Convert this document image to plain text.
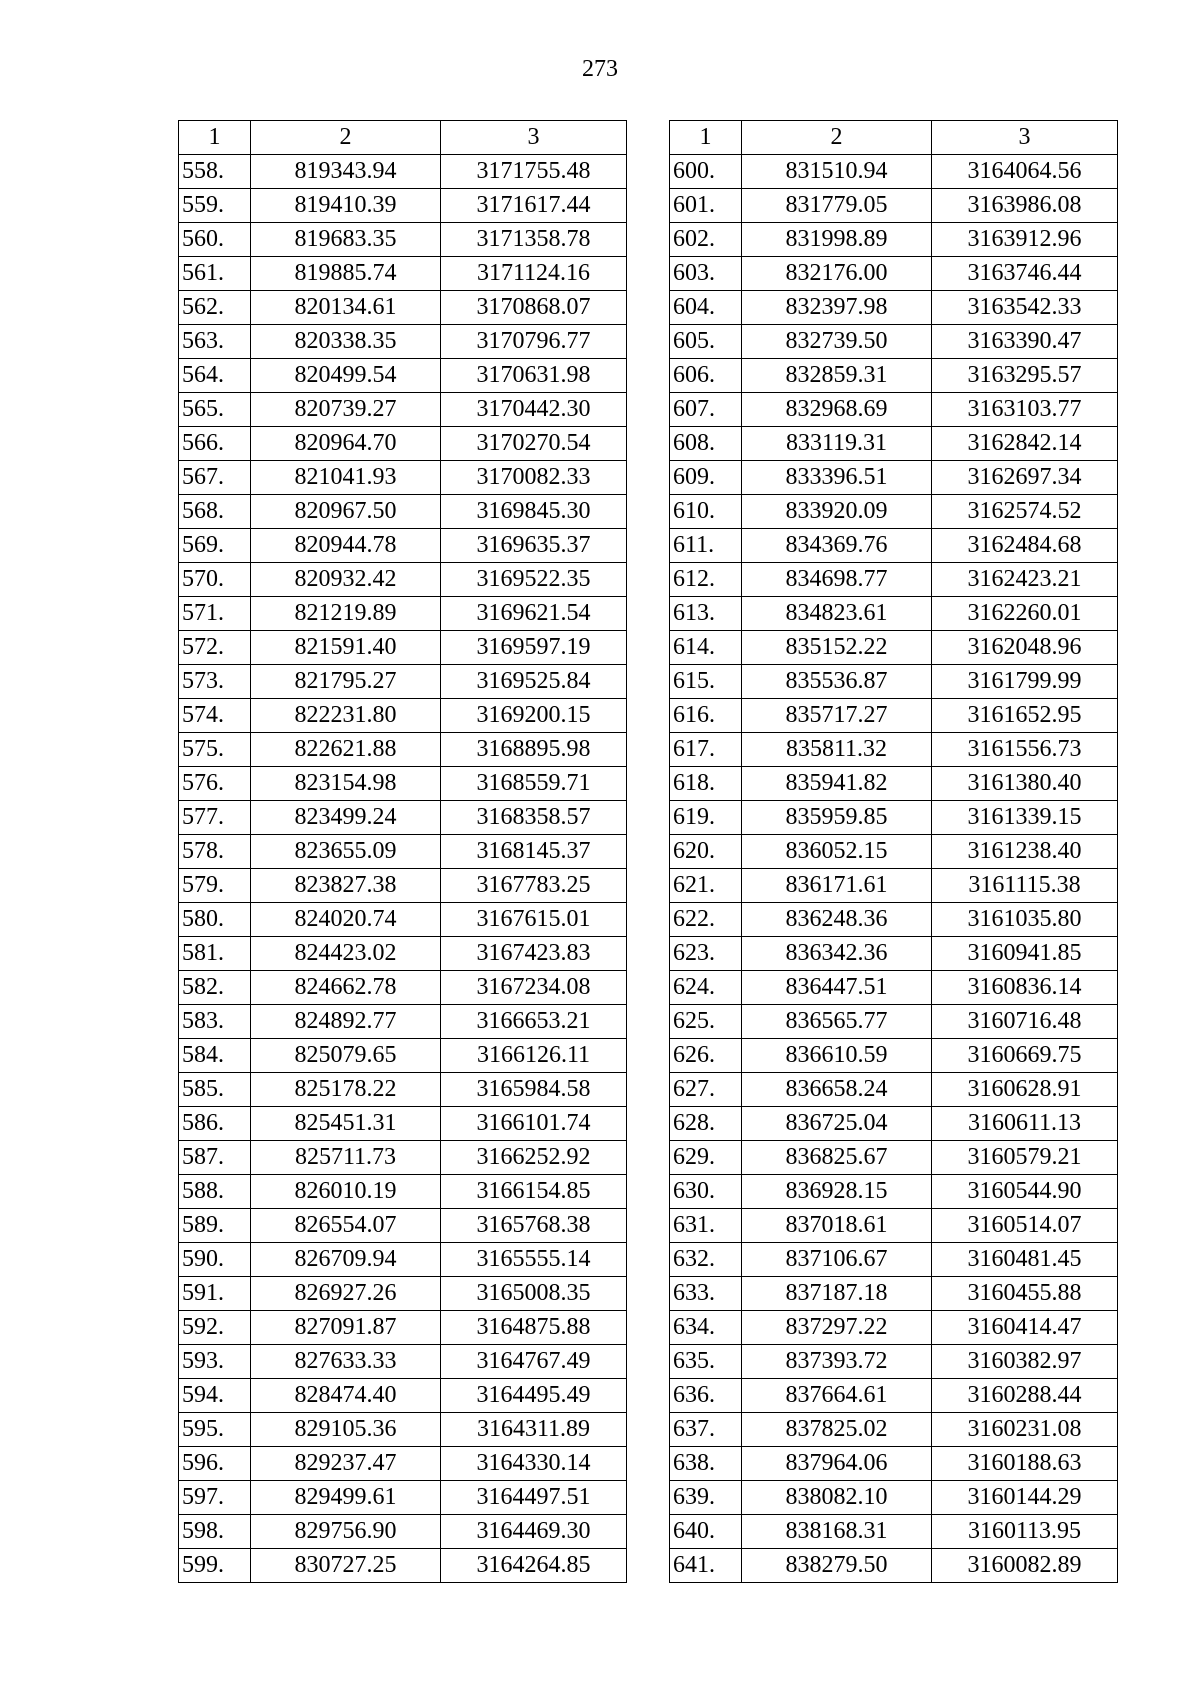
273
1	2	3
558.	819343.94	3171755.48
559.	819410.39	3171617.44
560.	819683.35	3171358.78
561.	819885.74	3171124.16
562.	820134.61	3170868.07
563.	820338.35	3170796.77
564.	820499.54	3170631.98
565.	820739.27	3170442.30
566.	820964.70	3170270.54
567.	821041.93	3170082.33
568.	820967.50	3169845.30
569.	820944.78	3169635.37
570.	820932.42	3169522.35
571.	821219.89	3169621.54
572.	821591.40	3169597.19
573.	821795.27	3169525.84
574.	822231.80	3169200.15
575.	822621.88	3168895.98
576.	823154.98	3168559.71
577.	823499.24	3168358.57
578.	823655.09	3168145.37
579.	823827.38	3167783.25
580.	824020.74	3167615.01
581.	824423.02	3167423.83
582.	824662.78	3167234.08
583.	824892.77	3166653.21
584.	825079.65	3166126.11
585.	825178.22	3165984.58
586.	825451.31	3166101.74
587.	825711.73	3166252.92
588.	826010.19	3166154.85
589.	826554.07	3165768.38
590.	826709.94	3165555.14
591.	826927.26	3165008.35
592.	827091.87	3164875.88
593.	827633.33	3164767.49
594.	828474.40	3164495.49
595.	829105.36	3164311.89
596.	829237.47	3164330.14
597.	829499.61	3164497.51
598.	829756.90	3164469.30
599.	830727.25	3164264.85
1	2	3
600.	831510.94	3164064.56
601.	831779.05	3163986.08
602.	831998.89	3163912.96
603.	832176.00	3163746.44
604.	832397.98	3163542.33
605.	832739.50	3163390.47
606.	832859.31	3163295.57
607.	832968.69	3163103.77
608.	833119.31	3162842.14
609.	833396.51	3162697.34
610.	833920.09	3162574.52
611.	834369.76	3162484.68
612.	834698.77	3162423.21
613.	834823.61	3162260.01
614.	835152.22	3162048.96
615.	835536.87	3161799.99
616.	835717.27	3161652.95
617.	835811.32	3161556.73
618.	835941.82	3161380.40
619.	835959.85	3161339.15
620.	836052.15	3161238.40
621.	836171.61	3161115.38
622.	836248.36	3161035.80
623.	836342.36	3160941.85
624.	836447.51	3160836.14
625.	836565.77	3160716.48
626.	836610.59	3160669.75
627.	836658.24	3160628.91
628.	836725.04	3160611.13
629.	836825.67	3160579.21
630.	836928.15	3160544.90
631.	837018.61	3160514.07
632.	837106.67	3160481.45
633.	837187.18	3160455.88
634.	837297.22	3160414.47
635.	837393.72	3160382.97
636.	837664.61	3160288.44
637.	837825.02	3160231.08
638.	837964.06	3160188.63
639.	838082.10	3160144.29
640.	838168.31	3160113.95
641.	838279.50	3160082.89
